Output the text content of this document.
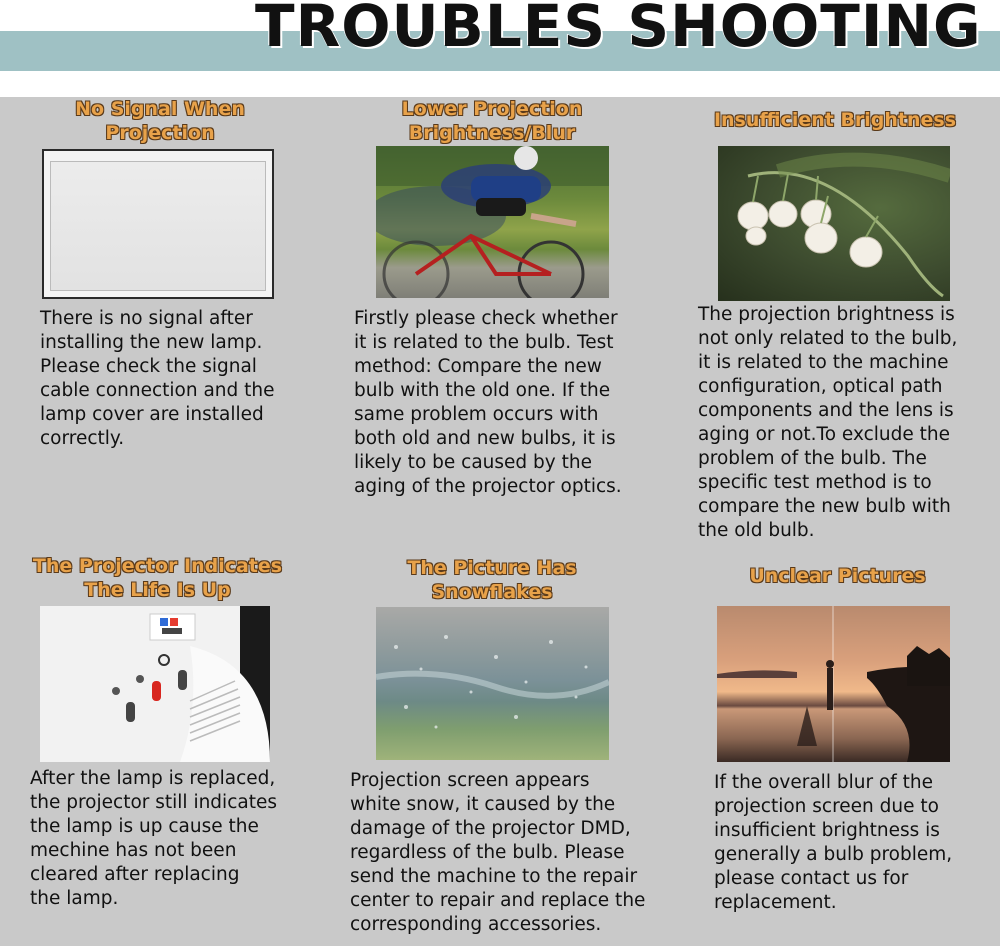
TROUBLES SHOOTING
No Signal When
Projection
There is no signal after
installing the new lamp.
Please check the signal
cable connection and the
lamp cover are installed
correctly.
Lower Projection
Brightness/Blur
Firstly please check whether
it is related to the bulb. Test
method: Compare the new
bulb with the old one. If the
same problem occurs with
both old and new bulbs, it is
likely to be caused by the
aging of the projector optics.
Insufficient Brightness
The projection brightness is
not only related to the bulb,
it is related to the machine
configuration, optical path
components and the lens is
aging or not.To exclude the
problem of the bulb. The
specific test method is to
compare the new bulb with
the old bulb.
The Projector Indicates
The Life Is Up
After the lamp is replaced,
the projector still indicates
the lamp is up cause the
mechine has not been
cleared after replacing
the lamp.
The Picture Has
Snowflakes
Projection screen appears
white snow, it caused by the
damage of the projector DMD,
regardless of the bulb. Please
send the machine to the repair
center to repair and replace the
corresponding accessories.
Unclear Pictures
If the overall blur of the
projection screen due to
insufficient brightness is
generally a bulb problem,
please contact us for
replacement.
